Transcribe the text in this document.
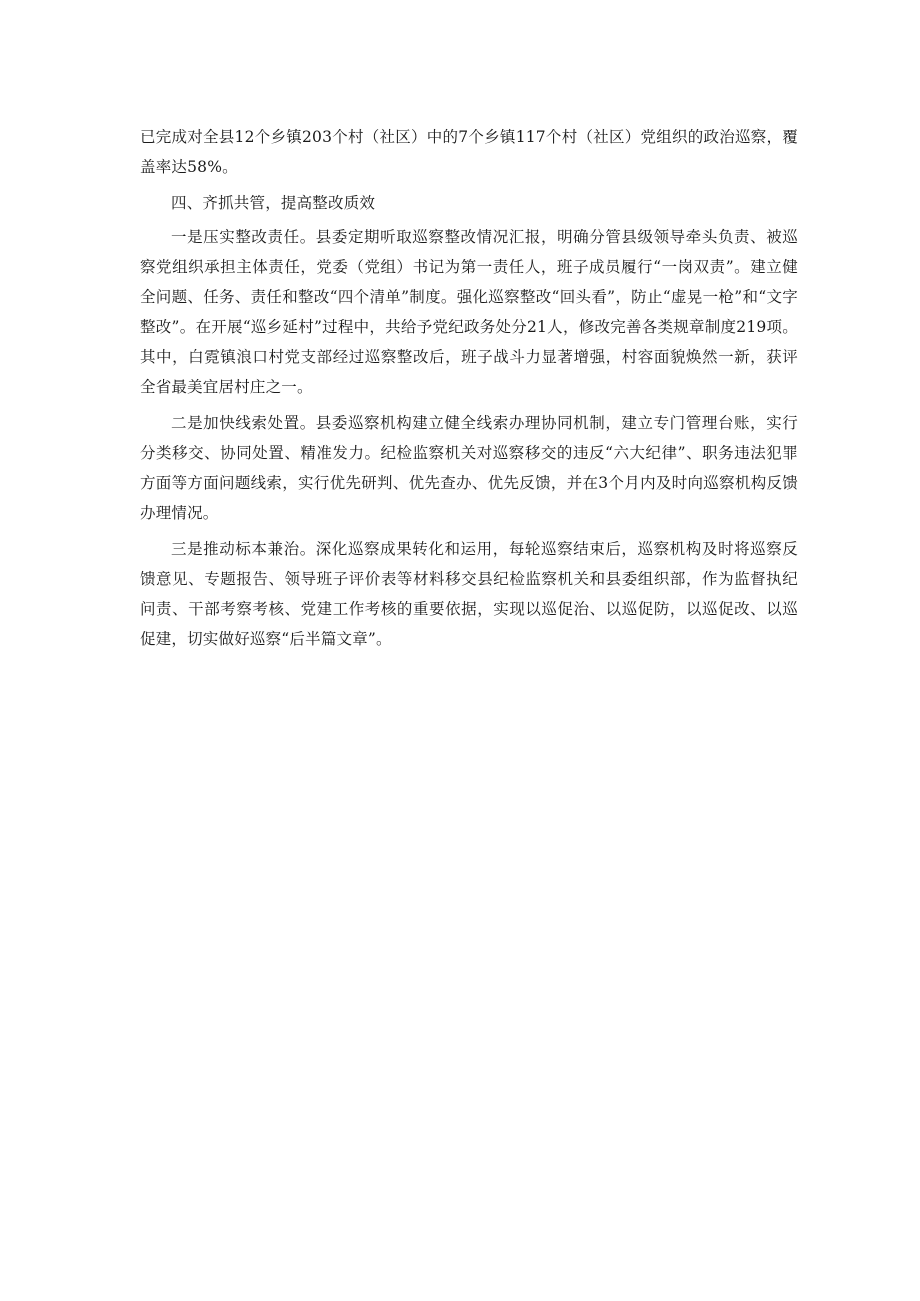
已完成对全县12个乡镇203个村（社区）中的7个乡镇117个村（社区）党组织的政治巡察，覆盖率达58%。

四、齐抓共管，提高整改质效

一是压实整改责任。县委定期听取巡察整改情况汇报，明确分管县级领导牵头负责、被巡察党组织承担主体责任，党委（党组）书记为第一责任人，班子成员履行“一岗双责”。建立健全问题、任务、责任和整改“四个清单”制度。强化巡察整改“回头看”，防止“虚晃一枪”和“文字整改”。在开展“巡乡延村”过程中，共给予党纪政务处分21人，修改完善各类规章制度219项。其中，白霓镇浪口村党支部经过巡察整改后，班子战斗力显著增强，村容面貌焕然一新，获评全省最美宜居村庄之一。

二是加快线索处置。县委巡察机构建立健全线索办理协同机制，建立专门管理台账，实行分类移交、协同处置、精准发力。纪检监察机关对巡察移交的违反“六大纪律”、职务违法犯罪方面等方面问题线索，实行优先研判、优先查办、优先反馈，并在3个月内及时向巡察机构反馈办理情况。

三是推动标本兼治。深化巡察成果转化和运用，每轮巡察结束后，巡察机构及时将巡察反馈意见、专题报告、领导班子评价表等材料移交县纪检监察机关和县委组织部，作为监督执纪问责、干部考察考核、党建工作考核的重要依据，实现以巡促治、以巡促防，以巡促改、以巡促建，切实做好巡察“后半篇文章”。
